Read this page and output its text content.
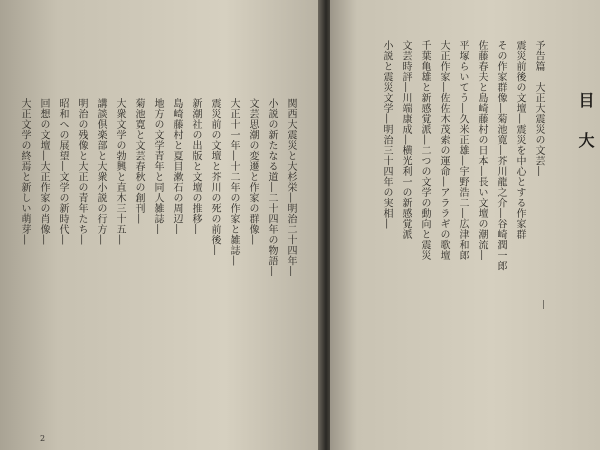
関西大震災と大杉栄―明治二十四年―
小説の新たなる道―二十四年の物語―
文芸思潮の変遷と作家の群像―
大正十一年―十二年の作家と雑誌―
震災前の文壇と芥川の死の前後―
新潮社の出版と文壇の推移―
島崎藤村と夏目漱石の周辺―
地方の文学青年と同人雑誌―
菊池寛と文芸春秋の創刊―
大衆文学の勃興と直木三十五―
講談倶楽部と大衆小説の行方―
明治の残像と大正の青年たち―
昭和への展望―文学の新時代―
回想の文壇―大正作家の肖像―
大正文学の終焉と新しい萌芽―
2
目
大
予告篇　大正大震災の文芸―
震災前後の文壇―震災を中心とする作家群
その作家群像―菊池寛―芥川龍之介―谷崎潤一郎
佐藤春夫と島崎藤村の日本―長い文壇の潮流―
平塚らいてう―久米正雄―宇野浩二―広津和郎
大正作家―佐佐木茂索の運命―アララギの歌壇
千葉亀雄と新感覚派―二つの文学の動向と震災
文芸時評―川端康成―横光利一の新感覚派
小説と震災文学―明治三十四年の実相―
―
